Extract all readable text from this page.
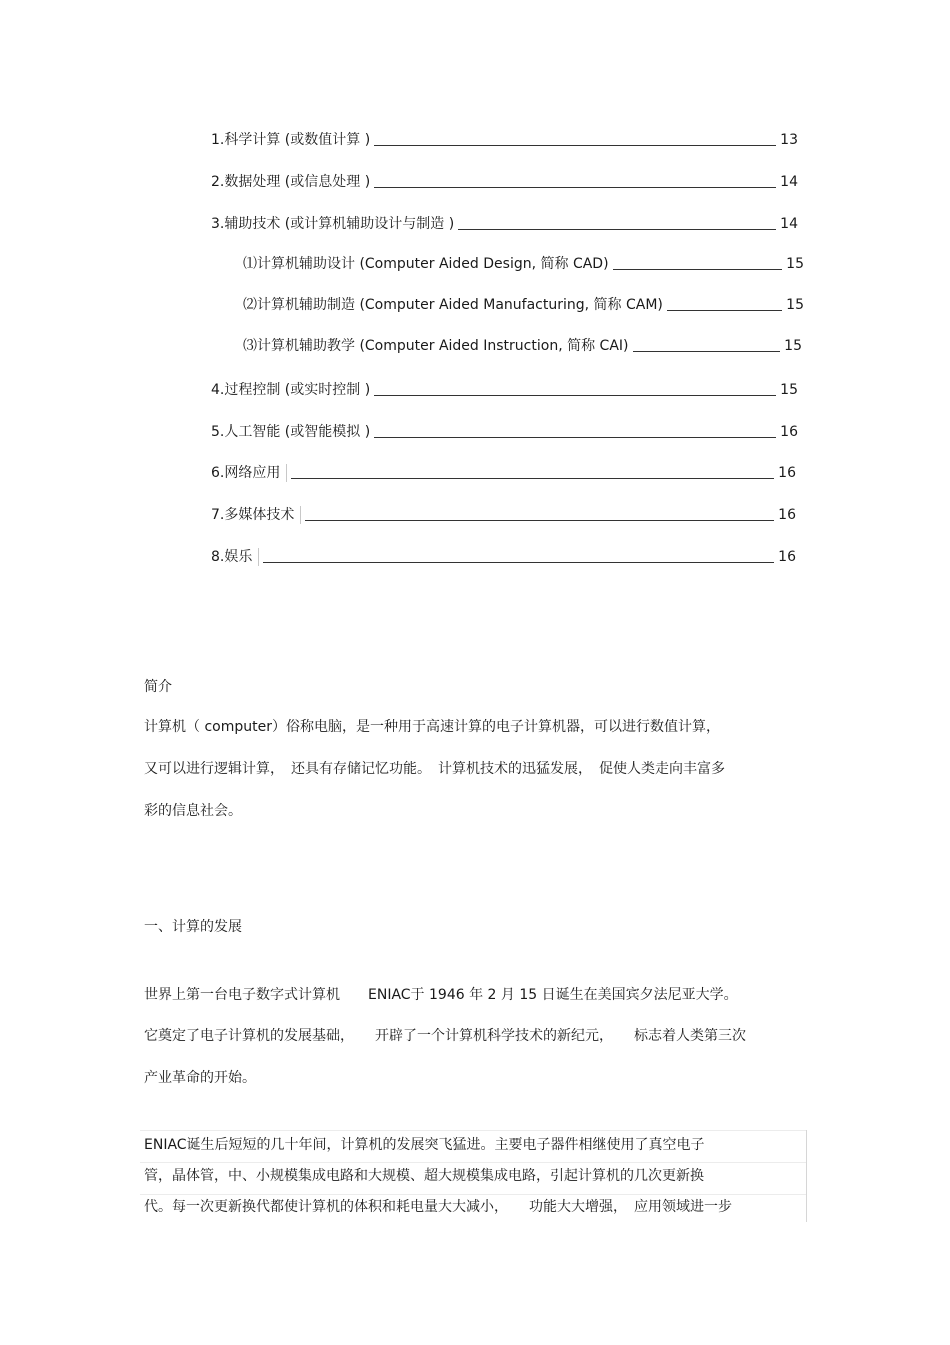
1.科学计算 (或数值计算 )	13
2.数据处理 (或信息处理 )	14
3.辅助技术 (或计算机辅助设计与制造 )	14
⑴计算机辅助设计 (Computer Aided Design, 简称 CAD)	15
⑵计算机辅助制造 (Computer Aided Manufacturing, 简称 CAM)	15
⑶计算机辅助教学 (Computer Aided Instruction, 简称 CAI)	15
4.过程控制 (或实时控制 )	15
5.人工智能 (或智能模拟 )	16
6.网络应用	16
7.多媒体技术	16
8.娱乐	16
简介
计算机（ computer）俗称电脑，是一种用于高速计算的电子计算机器，可以进行数值计算，
又可以进行逻辑计算，　还具有存储记忆功能。　计算机技术的迅猛发展，　促使人类走向丰富多
彩的信息社会。
一、计算的发展
世界上第一台电子数字式计算机　　ENIAC于 1946 年 2 月 15 日诞生在美国宾夕法尼亚大学。
它奠定了电子计算机的发展基础，　　开辟了一个计算机科学技术的新纪元，　　标志着人类第三次
产业革命的开始。
ENIAC诞生后短短的几十年间，计算机的发展突飞猛进。主要电子器件相继使用了真空电子
管，晶体管，中、小规模集成电路和大规模、超大规模集成电路，引起计算机的几次更新换
代。每一次更新换代都使计算机的体积和耗电量大大减小，　　功能大大增强，　应用领域进一步
